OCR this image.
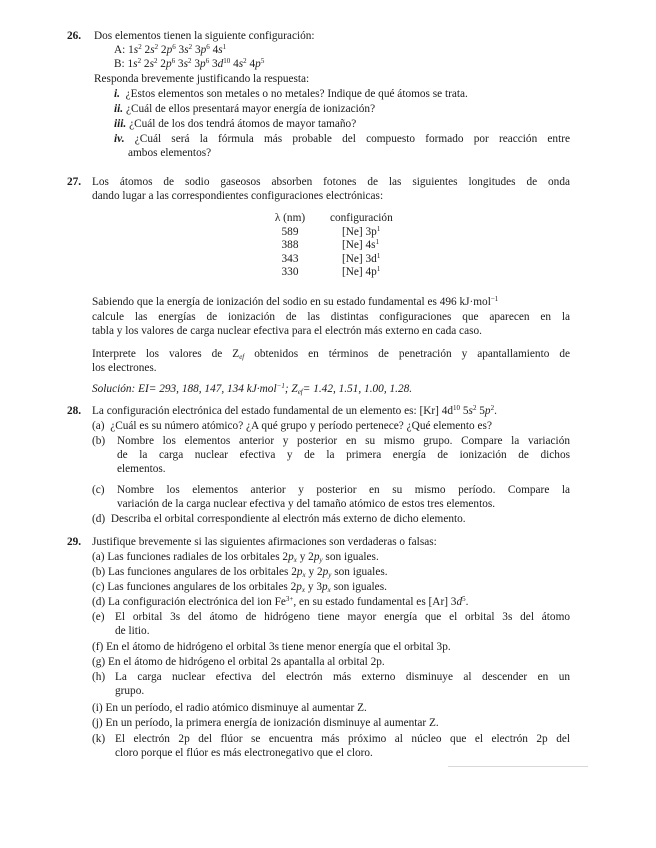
26. Dos elementos tienen la siguiente configuración:
A: $1s^2$ $2s^2$ $2p^6$ $3s^2$ $3p^6$ $4s^1$
B: $1s^2$ $2s^2$ $2p^6$ $3s^2$ $3p^6$ $3d^{10}$ $4s^2$ $4p^5$
Responda brevemente justificando la respuesta:
i. ¿Estos elementos son metales o no metales? Indique de qué átomos se trata.
ii. ¿Cuál de ellos presentará mayor energía de ionización?
iii. ¿Cuál de los dos tendrá átomos de mayor tamaño?
iv. ¿Cuál será la fórmula más probable del compuesto formado por reacción entre
ambos elementos?
27. Los átomos de sodio gaseosos absorben fotones de las siguientes longitudes de onda
dando lugar a las correspondientes configuraciones electrónicas:
λ (nm)	configuración
589	[Ne] $3p^1$
388	[Ne] $4s^1$
343	[Ne] $3d^1$
330	[Ne] $4p^1$
Sabiendo que la energía de ionización del sodio en su estado fundamental es 496 kJ·mol$^{-1}$
calcule las energías de ionización de las distintas configuraciones que aparecen en la
tabla y los valores de carga nuclear efectiva para el electrón más externo en cada caso.
Interprete los valores de $Z_{ef}$ obtenidos en términos de penetración y apantallamiento de
los electrones.
Solución: EI= 293, 188, 147, 134 kJ·mol$^{-1}$; $Z_{ef}= 1.42$, 1.51, 1.00, 1.28.
28. La configuración electrónica del estado fundamental de un elemento es: [Kr] $4d^{10}$ $5s^2$ $5p^2$.
(a) ¿Cuál es su número atómico? ¿A qué grupo y período pertenece? ¿Qué elemento es?
(b) Nombre los elementos anterior y posterior en su mismo grupo. Compare la variación
de la carga nuclear efectiva y de la primera energía de ionización de dichos
elementos.
(c) Nombre los elementos anterior y posterior en su mismo período. Compare la
variación de la carga nuclear efectiva y del tamaño atómico de estos tres elementos.
(d) Describa el orbital correspondiente al electrón más externo de dicho elemento.
29. Justifique brevemente si las siguientes afirmaciones son verdaderas o falsas:
(a) Las funciones radiales de los orbitales $2p_x$ y $2p_y$ son iguales.
(b) Las funciones angulares de los orbitales $2p_x$ y $2p_y$ son iguales.
(c) Las funciones angulares de los orbitales $2p_x$ y $3p_x$ son iguales.
(d) La configuración electrónica del ion $Fe^{3+}$, en su estado fundamental es [Ar] $3d^5$.
(e) El orbital 3s del átomo de hidrógeno tiene mayor energía que el orbital 3s del átomo
de litio.
(f) En el átomo de hidrógeno el orbital 3s tiene menor energía que el orbital 3p.
(g) En el átomo de hidrógeno el orbital 2s apantalla al orbital 2p.
(h) La carga nuclear efectiva del electrón más externo disminuye al descender en un
grupo.
(i) En un período, el radio atómico disminuye al aumentar Z.
(j) En un período, la primera energía de ionización disminuye al aumentar Z.
(k) El electrón 2p del flúor se encuentra más próximo al núcleo que el electrón 2p del
cloro porque el flúor es más electronegativo que el cloro.
